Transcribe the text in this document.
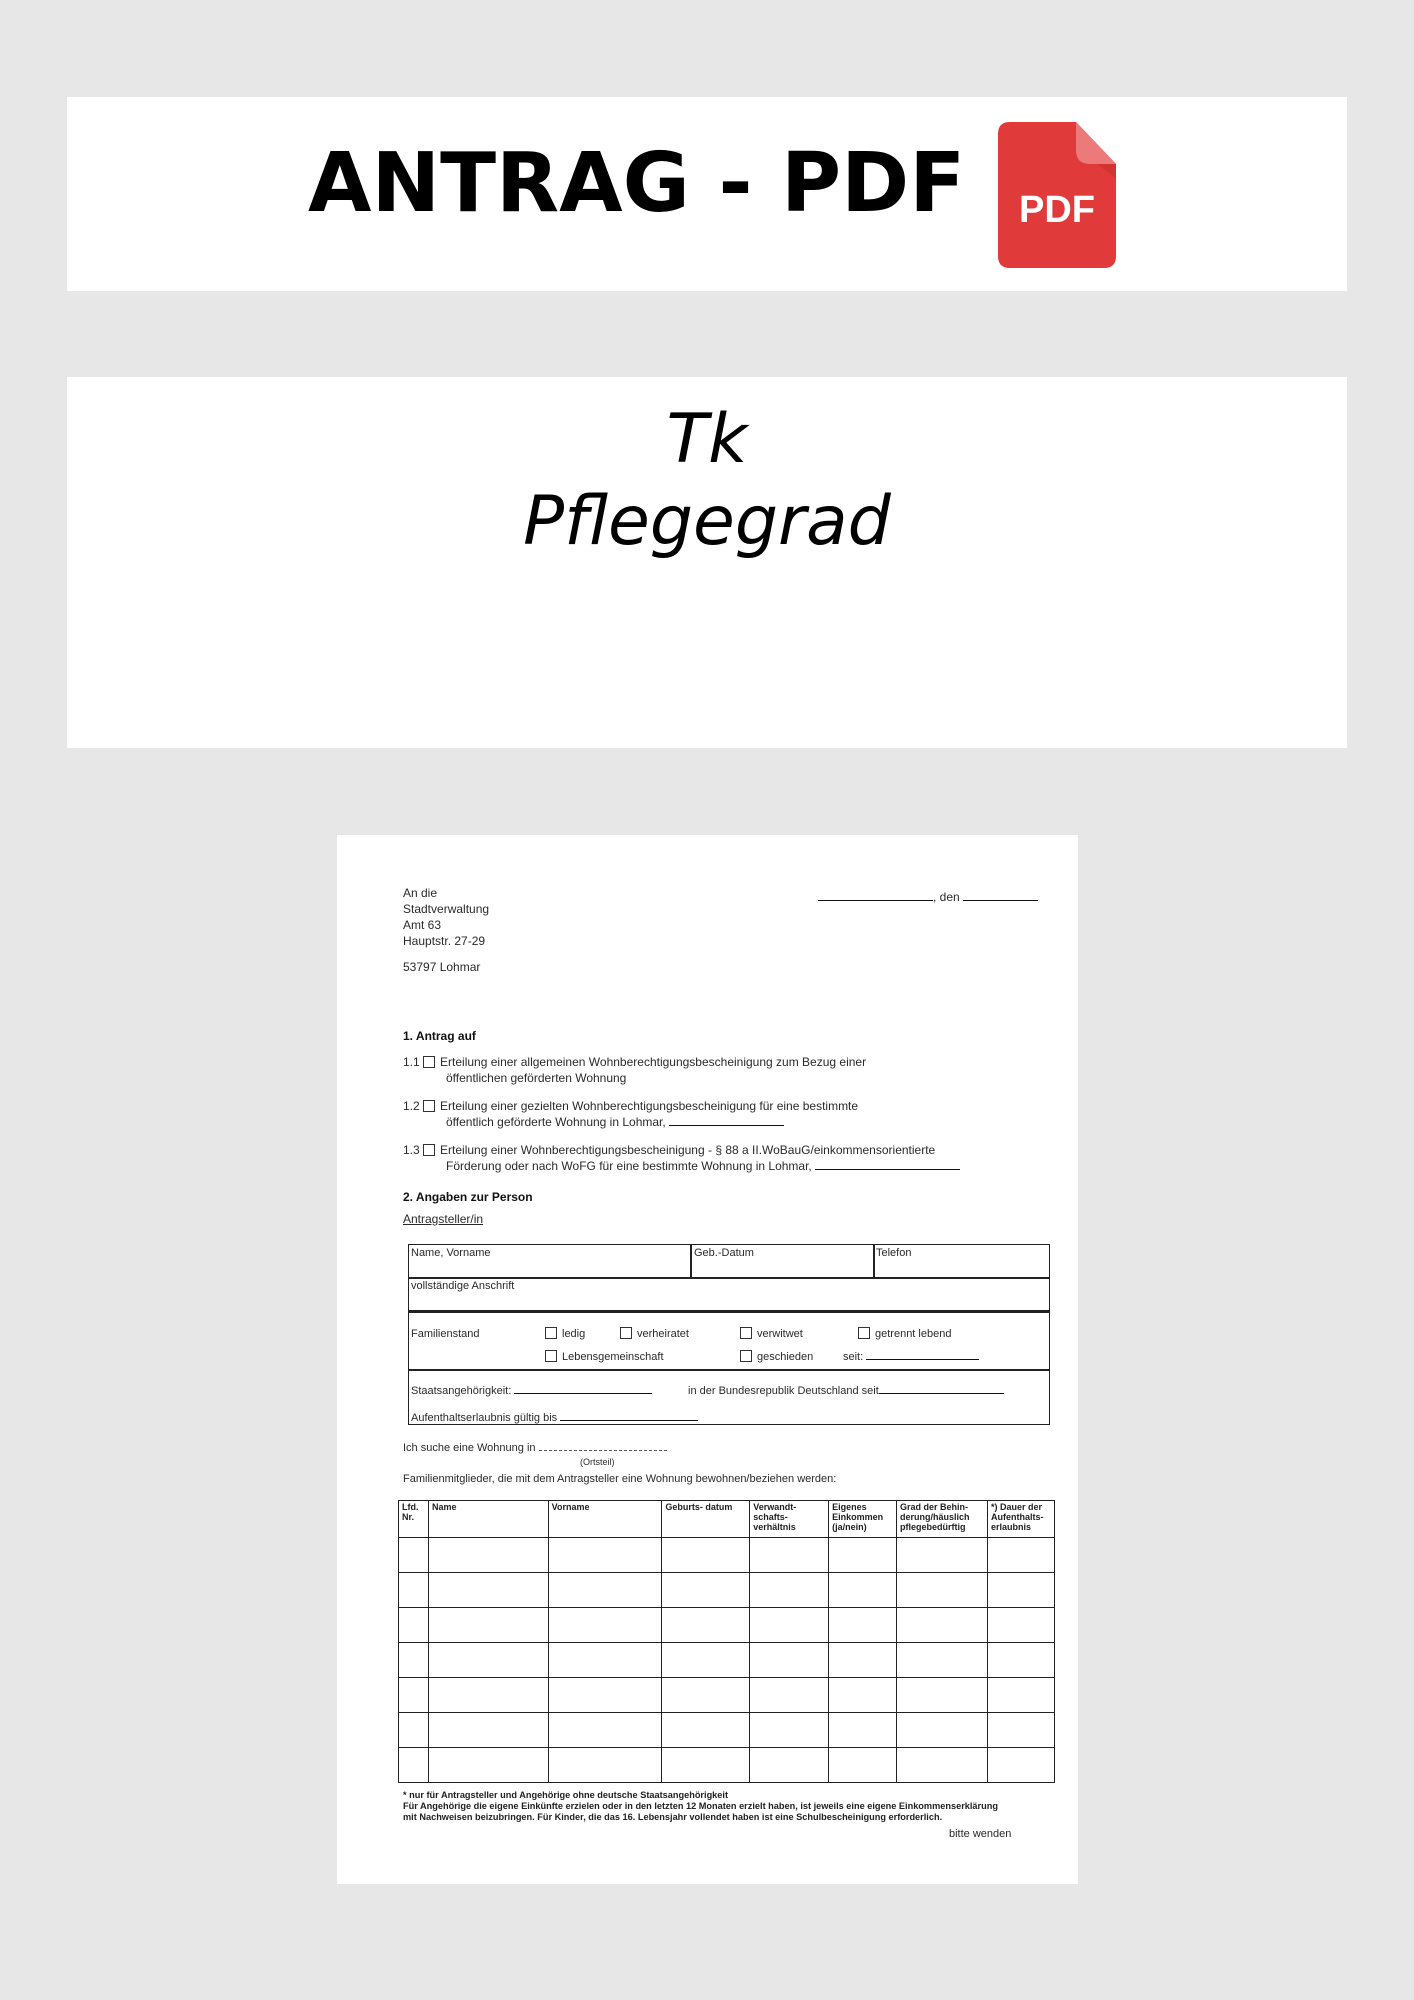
ANTRAG - PDF PDF
Tk
Pflegegrad
An die
Stadtverwaltung
Amt 63
Hauptstr. 27-29
53797 Lohmar
, den
1. Antrag auf
1.1 Erteilung einer allgemeinen Wohnberechtigungsbescheinigung zum Bezug einer
öffentlichen geförderten Wohnung
1.2 Erteilung einer gezielten Wohnberechtigungsbescheinigung für eine bestimmte
öffentlich geförderte Wohnung in Lohmar,
1.3 Erteilung einer Wohnberechtigungsbescheinigung - § 88 a II.WoBauG/einkommensorientierte
Förderung oder nach WoFG für eine bestimmte Wohnung in Lohmar,
2. Angaben zur Person
Antragsteller/in
Name, Vorname	Geb.-Datum	Telefon
vollständige Anschrift
Familienstand	ledig	verheiratet	verwitwet	getrennt lebend
Lebensgemeinschaft	geschieden	seit:
Staatsangehörigkeit:	in der Bundesrepublik Deutschland seit
Aufenthaltserlaubnis gültig bis
Ich suche eine Wohnung in
(Ortsteil)
Familienmitglieder, die mit dem Antragsteller eine Wohnung bewohnen/beziehen werden:
Lfd. Nr.	Name	Vorname	Geburts- datum	Verwandt- schafts- verhältnis	Eigenes Einkommen (ja/nein)	Grad der Behin- derung/häuslich pflegebedürftig	*) Dauer der Aufenthalts- erlaubnis

* nur für Antragsteller und Angehörige ohne deutsche Staatsangehörigkeit
Für Angehörige die eigene Einkünfte erzielen oder in den letzten 12 Monaten erzielt haben, ist jeweils eine eigene Einkommenserklärung
mit Nachweisen beizubringen. Für Kinder, die das 16. Lebensjahr vollendet haben ist eine Schulbescheinigung erforderlich.
bitte wenden
